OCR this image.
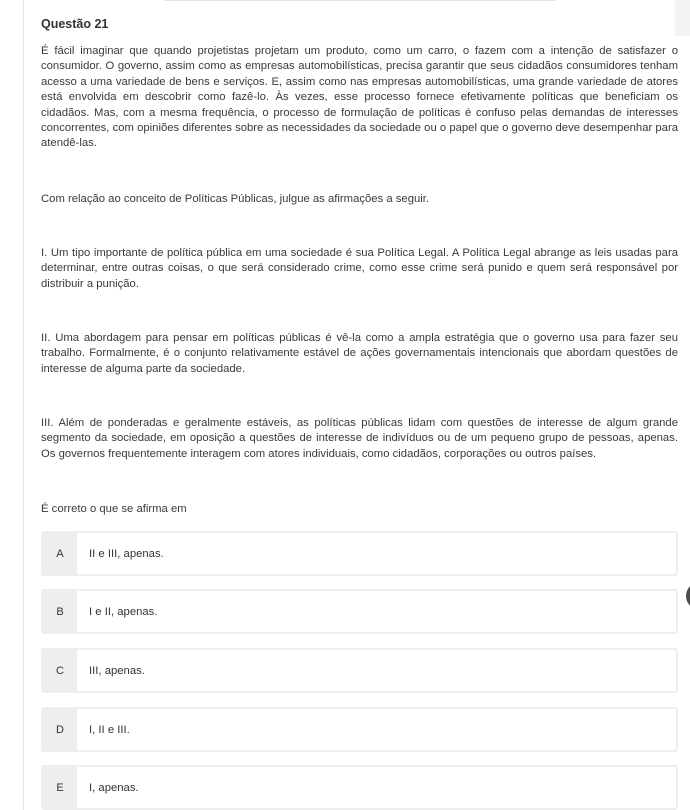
Questão 21

É fácil imaginar que quando projetistas projetam um produto, como um carro, o fazem com a intenção de satisfazer o consumidor. O governo, assim como as empresas automobilísticas, precisa garantir que seus cidadãos consumidores tenham acesso a uma variedade de bens e serviços. E, assim como nas empresas automobilísticas, uma grande variedade de atores está envolvida em descobrir como fazê-lo. Às vezes, esse processo fornece efetivamente políticas que beneficiam os cidadãos. Mas, com a mesma frequência, o processo de formulação de políticas é confuso pelas demandas de interesses concorrentes, com opiniões diferentes sobre as necessidades da sociedade ou o papel que o governo deve desempenhar para atendê-las.

Com relação ao conceito de Políticas Públicas, julgue as afirmações a seguir.

I. Um tipo importante de política pública em uma sociedade é sua Política Legal. A Política Legal abrange as leis usadas para determinar, entre outras coisas, o que será considerado crime, como esse crime será punido e quem será responsável por distribuir a punição.

II. Uma abordagem para pensar em políticas públicas é vê-la como a ampla estratégia que o governo usa para fazer seu trabalho. Formalmente, é o conjunto relativamente estável de ações governamentais intencionais que abordam questões de interesse de alguma parte da sociedade.

III. Além de ponderadas e geralmente estáveis, as políticas públicas lidam com questões de interesse de algum grande segmento da sociedade, em oposição a questões de interesse de indivíduos ou de um pequeno grupo de pessoas, apenas. Os governos frequentemente interagem com atores individuais, como cidadãos, corporações ou outros países.

É correto o que se afirma em

A	II e III, apenas.
B	I e II, apenas.
C	III, apenas.
D	I, II e III.
E	I, apenas.
